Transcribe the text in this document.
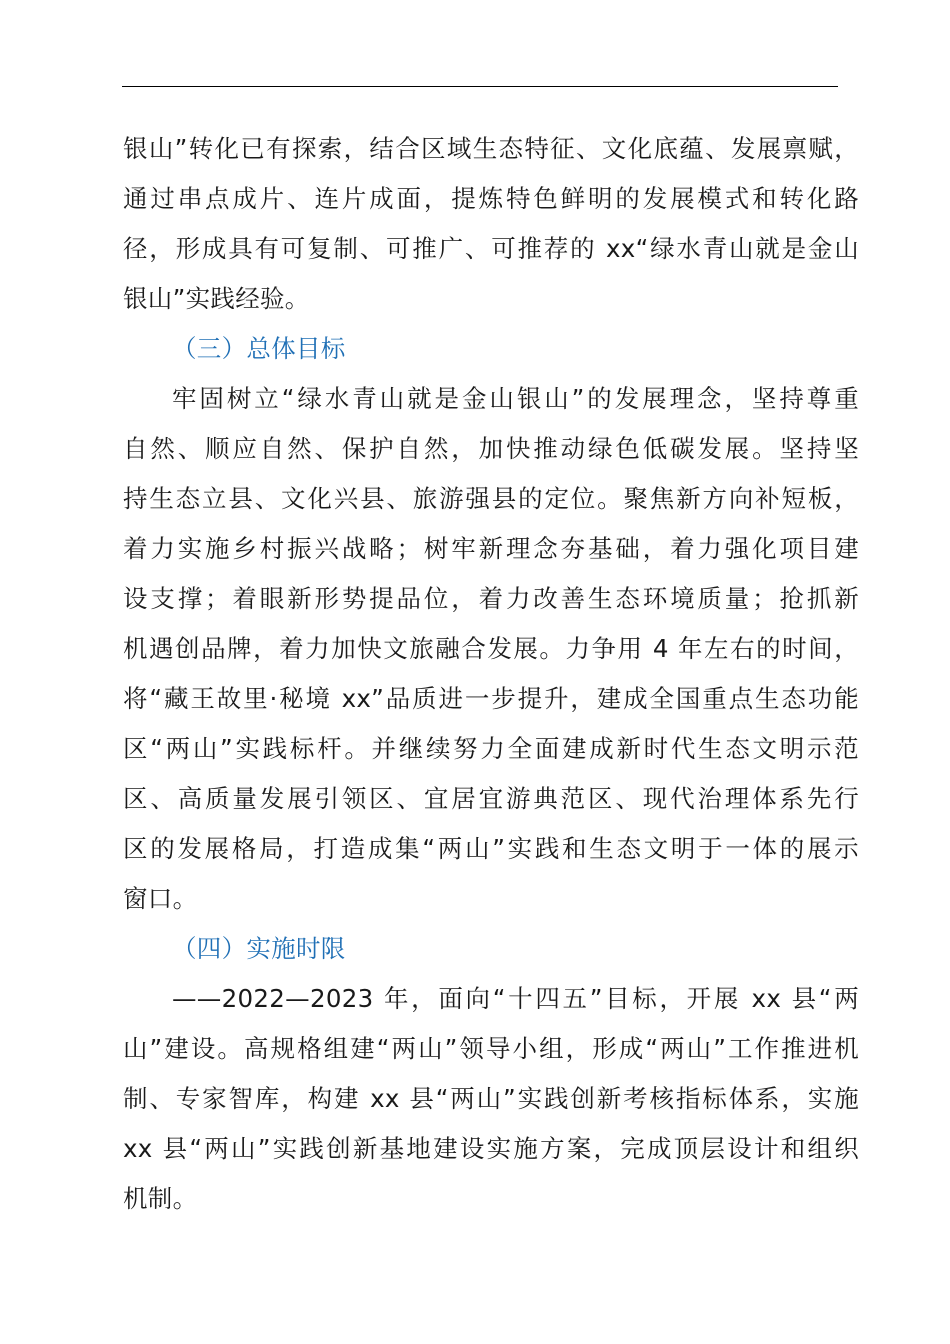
银山”转化已有探索，结合区域生态特征、文化底蕴、发展禀赋，
通过串点成片、连片成面，提炼特色鲜明的发展模式和转化路
径，形成具有可复制、可推广、可推荐的 xx“绿水青山就是金山
银山”实践经验。

（三）总体目标

牢固树立“绿水青山就是金山银山”的发展理念，坚持尊重
自然、顺应自然、保护自然，加快推动绿色低碳发展。坚持坚
持生态立县、文化兴县、旅游强县的定位。聚焦新方向补短板，
着力实施乡村振兴战略；树牢新理念夯基础，着力强化项目建
设支撑；着眼新形势提品位，着力改善生态环境质量；抢抓新
机遇创品牌，着力加快文旅融合发展。力争用 4 年左右的时间，
将“藏王故里·秘境 xx”品质进一步提升，建成全国重点生态功能
区“两山”实践标杆。并继续努力全面建成新时代生态文明示范
区、高质量发展引领区、宜居宜游典范区、现代治理体系先行
区的发展格局，打造成集“两山”实践和生态文明于一体的展示
窗口。

（四）实施时限

——2022—2023 年，面向“十四五”目标，开展 xx 县“两
山”建设。高规格组建“两山”领导小组，形成“两山”工作推进机
制、专家智库，构建 xx 县“两山”实践创新考核指标体系，实施
xx 县“两山”实践创新基地建设实施方案，完成顶层设计和组织
机制。
